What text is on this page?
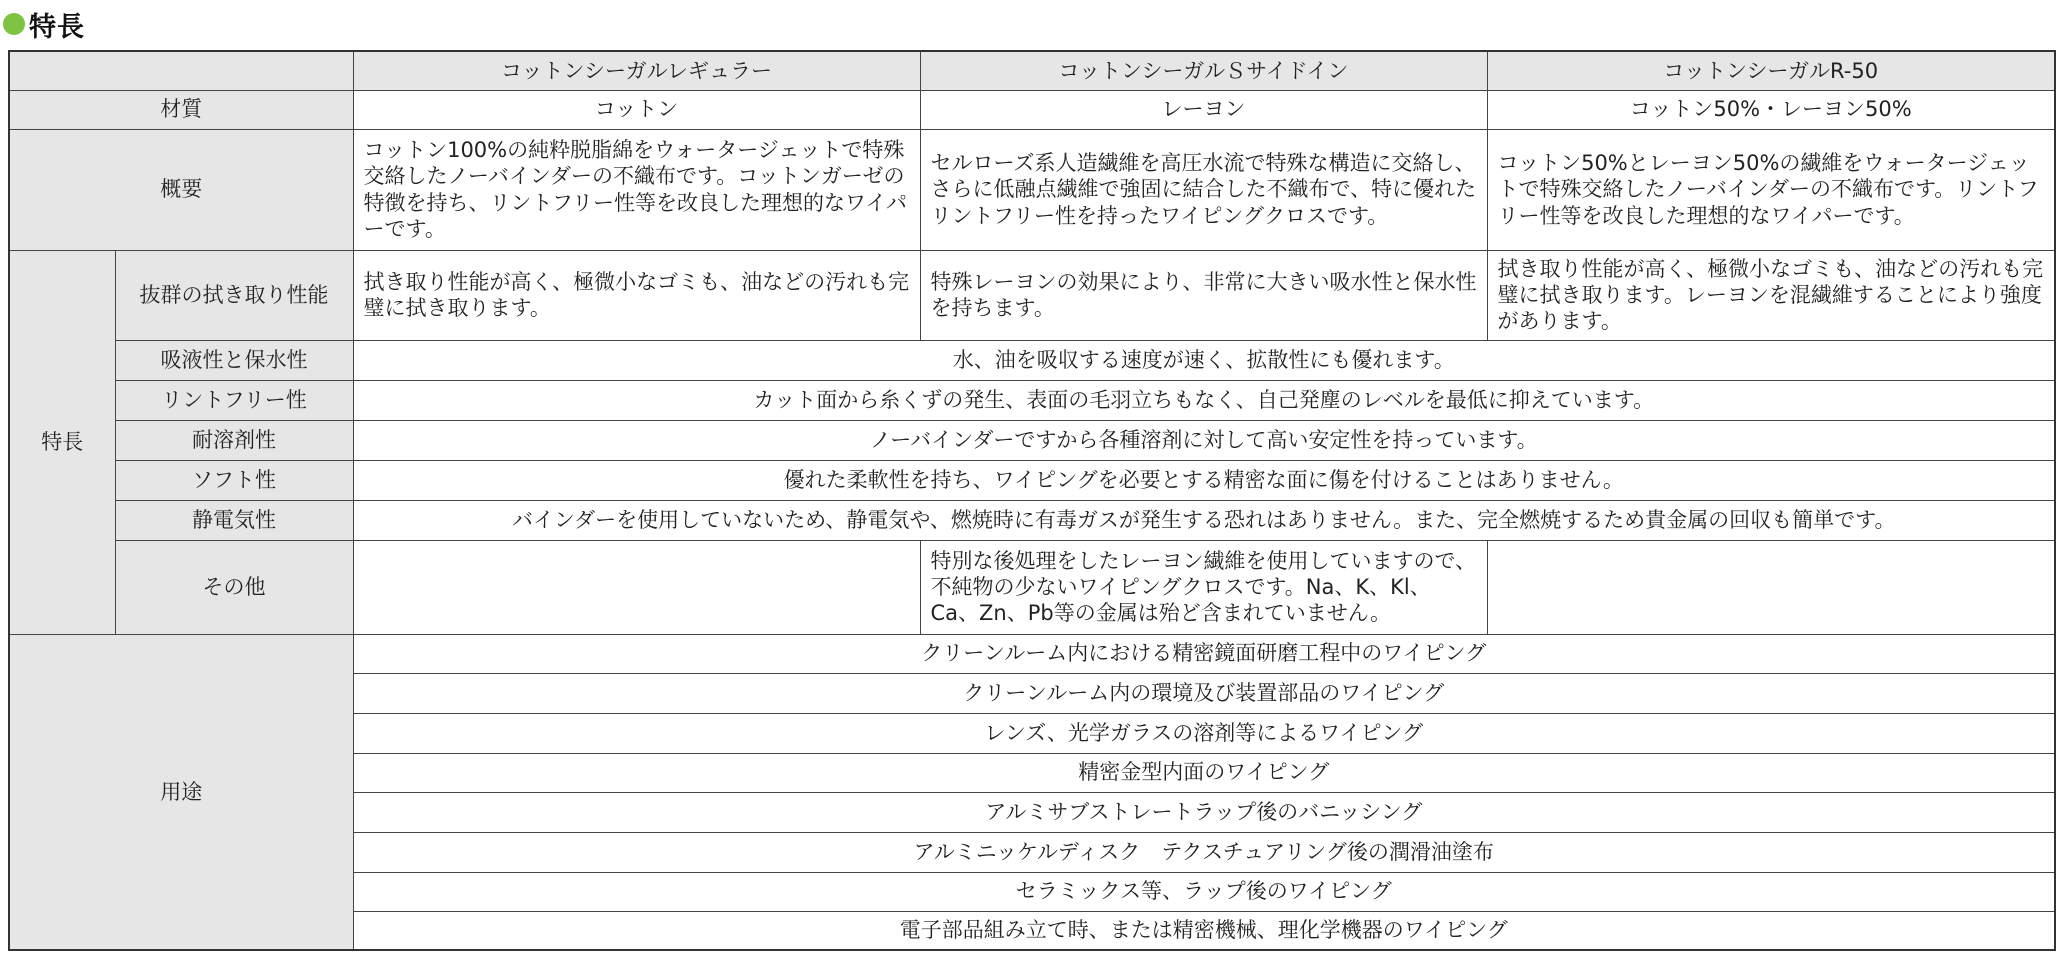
特長
		コットンシーガルレギュラー	コットンシーガルＳサイドイン	コットンシーガルR-50
材質		コットン	レーヨン	コットン50%・レーヨン50%
概要		コットン100%の純粋脱脂綿をウォータージェットで特殊交絡したノーバインダーの不織布です。コットンガーゼの特徴を持ち、リントフリー性等を改良した理想的なワイパーです。	セルローズ系人造繊維を高圧水流で特殊な構造に交絡し、さらに低融点繊維で強固に結合した不織布で、特に優れたリントフリー性を持ったワイピングクロスです。	コットン50%とレーヨン50%の繊維をウォータージェットで特殊交絡したノーバインダーの不織布です。リントフリー性等を改良した理想的なワイパーです。
特長	抜群の拭き取り性能	拭き取り性能が高く、極微小なゴミも、油などの汚れも完璧に拭き取ります。	特殊レーヨンの効果により、非常に大きい吸水性と保水性を持ちます。	拭き取り性能が高く、極微小なゴミも、油などの汚れも完璧に拭き取ります。レーヨンを混繊維することにより強度があります。
	吸液性と保水性	水、油を吸収する速度が速く、拡散性にも優れます。		
	リントフリー性	カット面から糸くずの発生、表面の毛羽立ちもなく、自己発塵のレベルを最低に抑えています。		
	耐溶剤性	ノーバインダーですから各種溶剤に対して高い安定性を持っています。		
	ソフト性	優れた柔軟性を持ち、ワイピングを必要とする精密な面に傷を付けることはありません。		
	静電気性	バインダーを使用していないため、静電気や、燃焼時に有毒ガスが発生する恐れはありません。また、完全燃焼するため貴金属の回収も簡単です。		
	その他		特別な後処理をしたレーヨン繊維を使用していますので、不純物の少ないワイピングクロスです。Na、K、Kl、Ca、Zn、Pb等の金属は殆ど含まれていません。	
用途		クリーンルーム内における精密鏡面研磨工程中のワイピング		
		クリーンルーム内の環境及び装置部品のワイピング		
		レンズ、光学ガラスの溶剤等によるワイピング		
		精密金型内面のワイピング		
		アルミサブストレートラップ後のバニッシング		
		アルミニッケルディスク　テクスチュアリング後の潤滑油塗布		
		セラミックス等、ラップ後のワイピング		
		電子部品組み立て時、または精密機械、理化学機器のワイピング		
